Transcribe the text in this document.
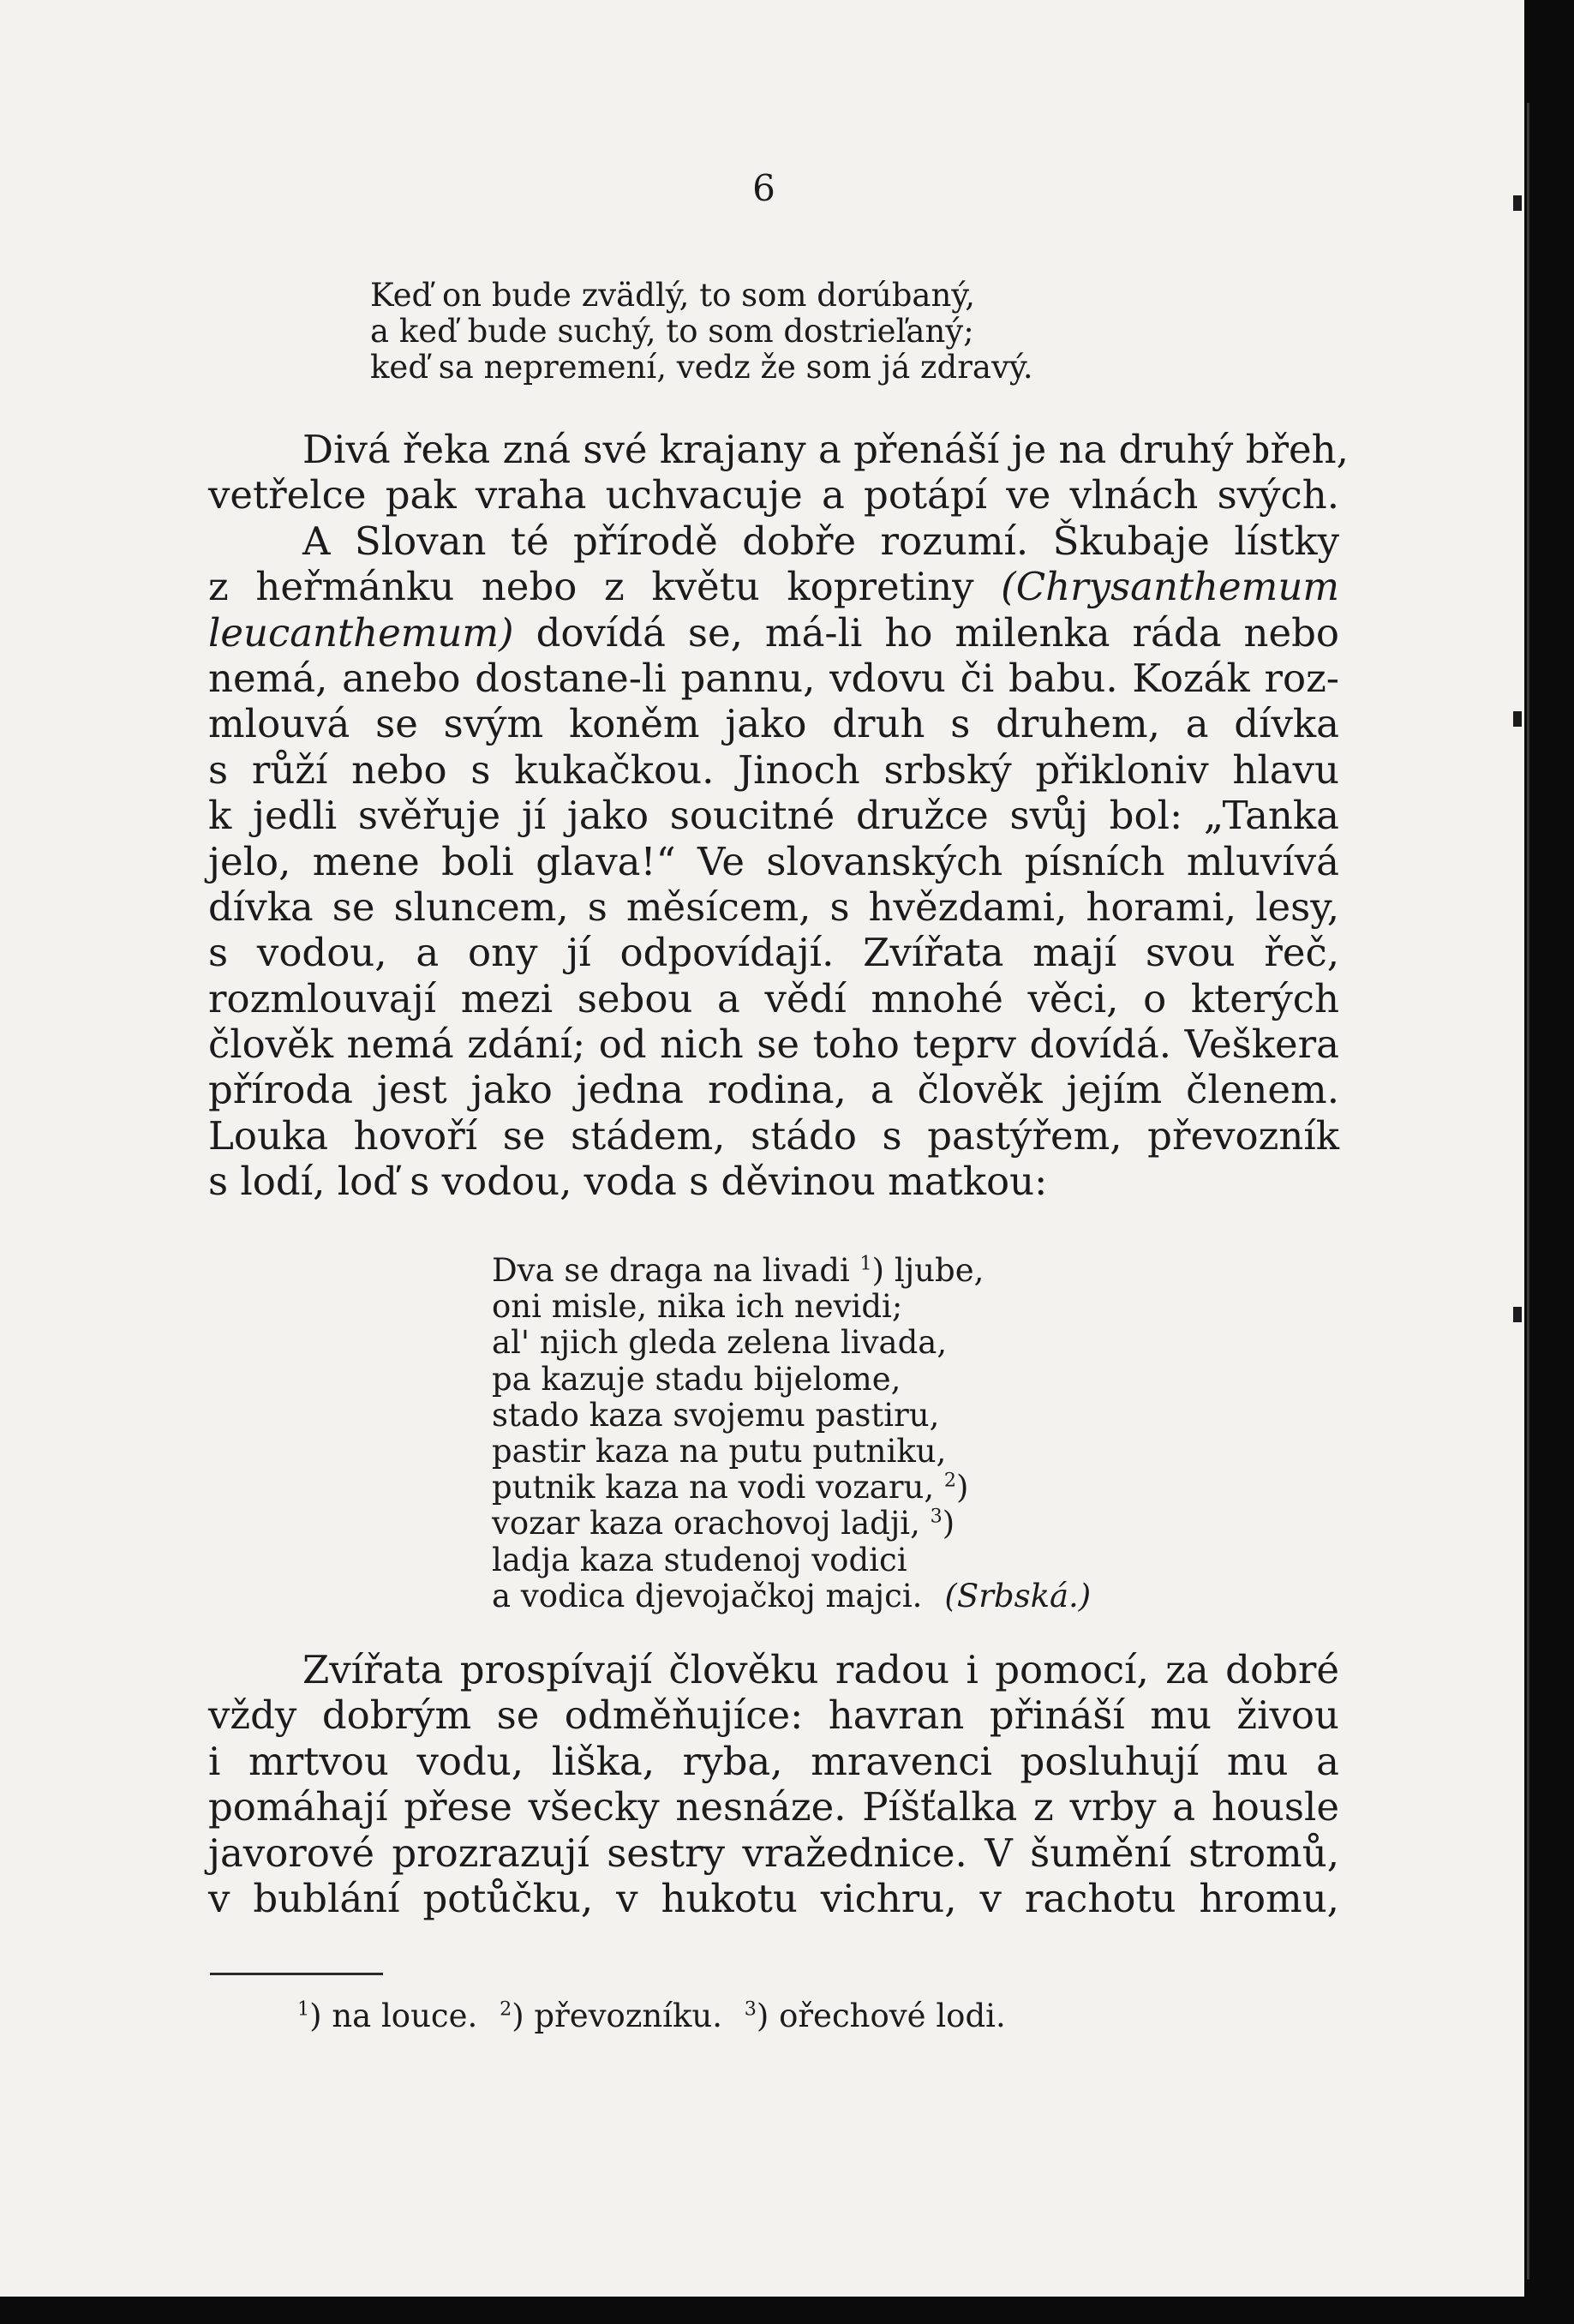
6
Keď on bude zvädlý, to som dorúbaný,
a keď bude suchý, to som dostrieľaný;
keď sa nepremení, vedz že som já zdravý.
Divá řeka zná své krajany a přenáší je na druhý břeh,
vetřelce pak vraha uchvacuje a potápí ve vlnách svých.
A Slovan té přírodě dobře rozumí. Škubaje lístky
z heřmánku nebo z květu kopretiny (Chrysanthemum
leucanthemum) dovídá se, má-li ho milenka ráda nebo
nemá, anebo dostane-li pannu, vdovu či babu. Kozák roz-
mlouvá se svým koněm jako druh s druhem, a dívka
s růží nebo s kukačkou. Jinoch srbský přikloniv hlavu
k jedli svěřuje jí jako soucitné družce svůj bol: „Tanka
jelo, mene boli glava!“ Ve slovanských písních mluvívá
dívka se sluncem, s měsícem, s hvězdami, horami, lesy,
s vodou, a ony jí odpovídají. Zvířata mají svou řeč,
rozmlouvají mezi sebou a vědí mnohé věci, o kterých
člověk nemá zdání; od nich se toho teprv dovídá. Veškera
příroda jest jako jedna rodina, a člověk jejím členem.
Louka hovoří se stádem, stádo s pastýřem, převozník
s lodí, loď s vodou, voda s děvinou matkou:
Dva se draga na livadi $^1$) ljube,
oni misle, nika ich nevidi;
al' njich gleda zelena livada,
pa kazuje stadu bijelome,
stado kaza svojemu pastiru,
pastir kaza na putu putniku,
putnik kaza na vodi vozaru, $^2$)
vozar kaza orachovoj ladji, $^3$)
ladja kaza studenoj vodici
a vodica djevojačkoj majci. (Srbská.)
Zvířata prospívají člověku radou i pomocí, za dobré
vždy dobrým se odměňujíce: havran přináší mu živou
i mrtvou vodu, liška, ryba, mravenci posluhují mu a
pomáhají přese všecky nesnáze. Píšťalka z vrby a housle
javorové prozrazují sestry vražednice. V šumění stromů,
v bublání potůčku, v hukotu vichru, v rachotu hromu,
$^1$) na louce. $^2$) převozníku. $^3$) ořechové lodi.
